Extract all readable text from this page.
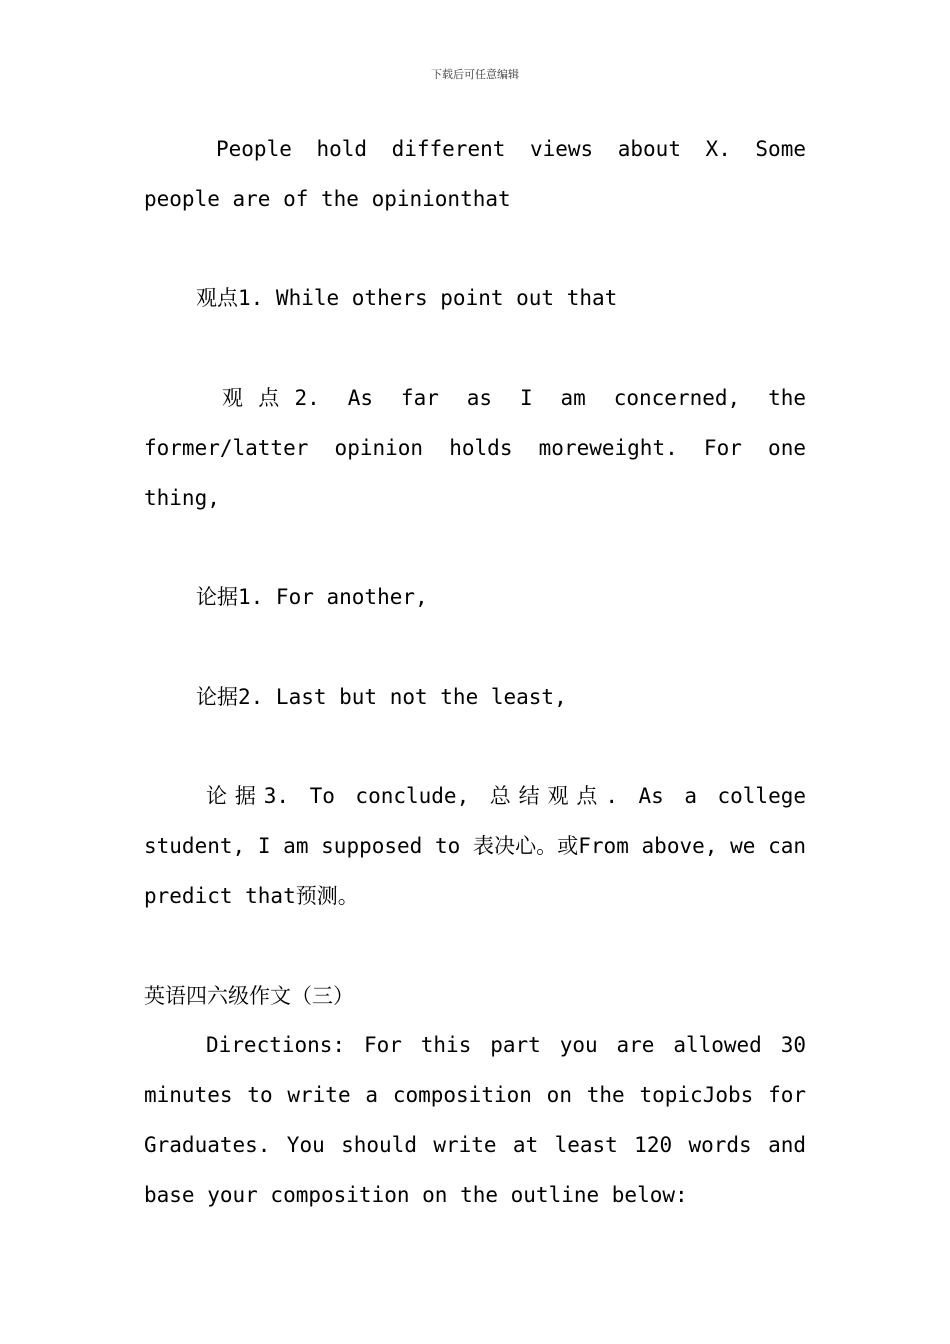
下载后可任意编辑

People hold different views about X. Some people are of the opinionthat

观点1. While others point out that

观点2. As far as I am concerned, the former/latter opinion holds moreweight. For one thing,

论据1. For another,

论据2. Last but not the least,

论据3. To conclude, 总结观点. As a college student, I am supposed to 表决心。或From above, we can predict that预测。

英语四六级作文（三）

Directions: For this part you are allowed 30 minutes to write a composition on the topicJobs for Graduates. You should write at least 120 words and base your composition on the outline below:
